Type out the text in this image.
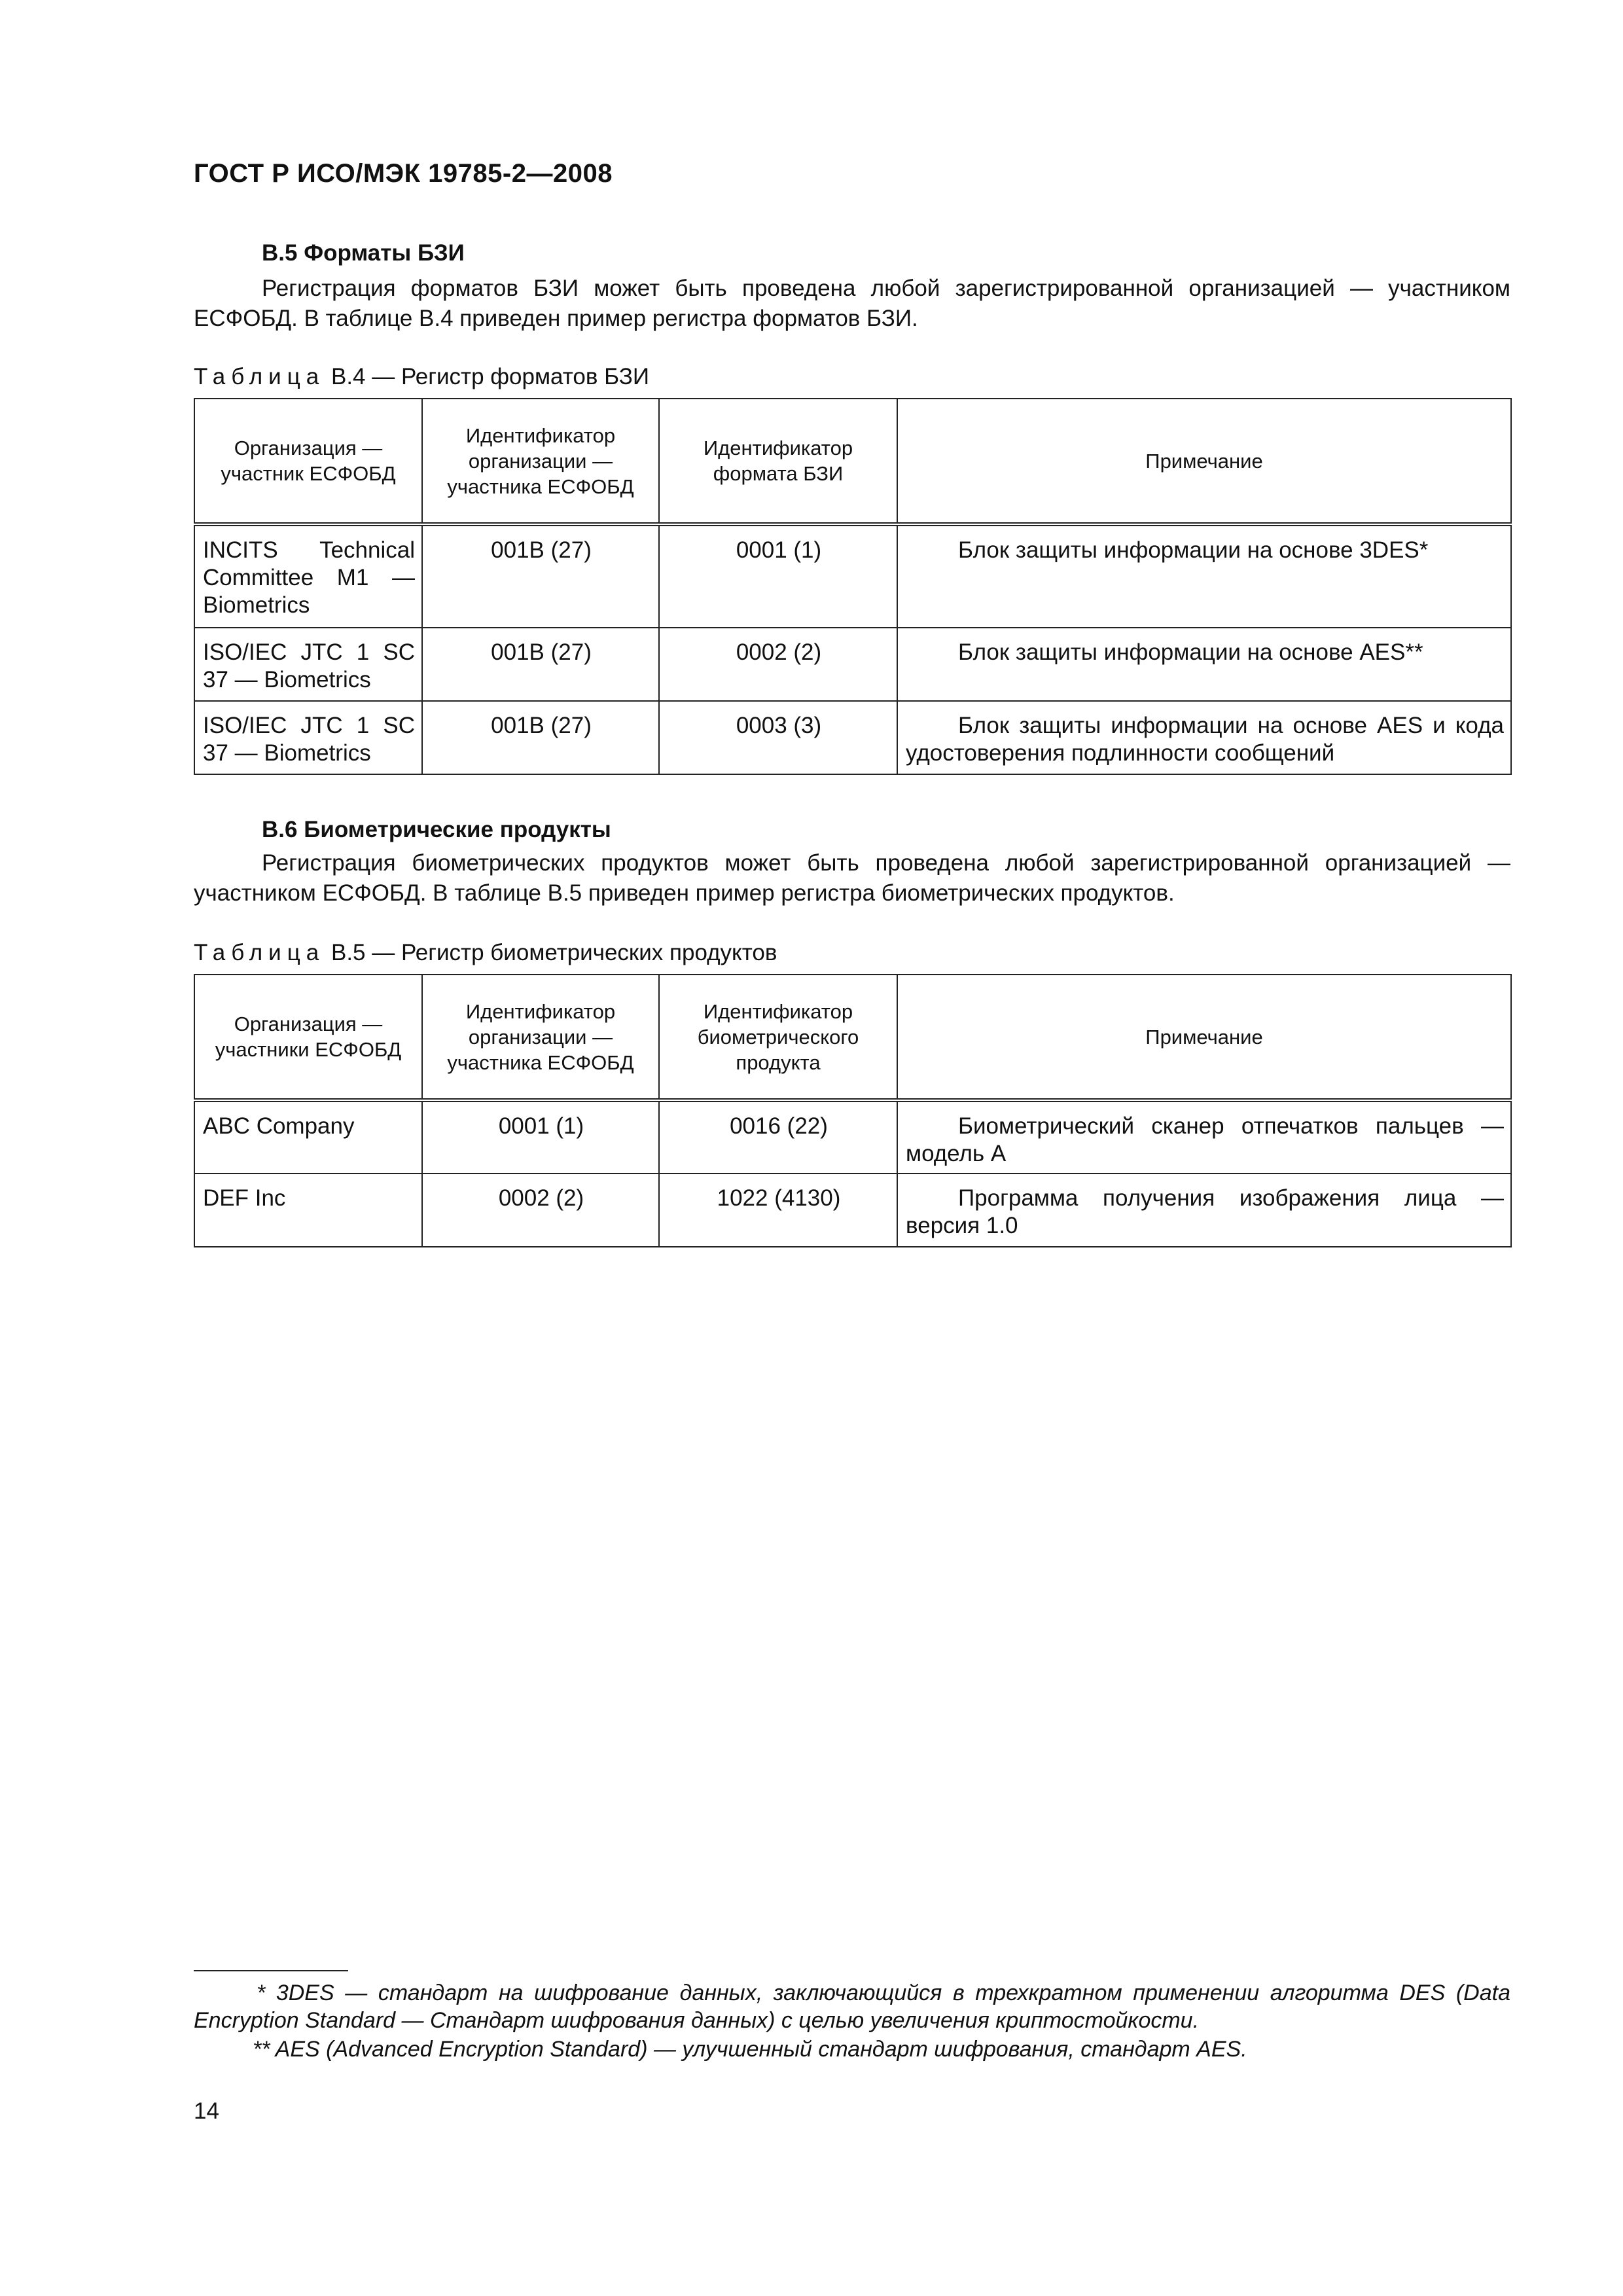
ГОСТ Р ИСО/МЭК 19785-2—2008
В.5 Форматы БЗИ

Регистрация форматов БЗИ может быть проведена любой зарегистрированной организацией — участником ЕСФОБД. В таблице В.4 приведен пример регистра форматов БЗИ.

Таблица В.4 — Регистр форматов БЗИ
Организация — участник ЕСФОБД	Идентификатор организации — участника ЕСФОБД	Идентификатор формата БЗИ	Примечание
INCITS Technical Committee M1 — Biometrics	001B (27)	0001 (1)	Блок защиты информации на основе 3DES*
ISO/IEC JTC 1 SC 37 — Biometrics	001B (27)	0002 (2)	Блок защиты информации на основе AES**
ISO/IEC JTC 1 SC 37 — Biometrics	001B (27)	0003 (3)	Блок защиты информации на основе AES и кода удостоверения подлинности сообщений
В.6 Биометрические продукты

Регистрация биометрических продуктов может быть проведена любой зарегистрированной организацией — участником ЕСФОБД. В таблице В.5 приведен пример регистра биометрических продуктов.

Таблица В.5 — Регистр биометрических продуктов
Организация — участники ЕСФОБД	Идентификатор организации — участника ЕСФОБД	Идентификатор биометрического продукта	Примечание
ABC Company	0001 (1)	0016 (22)	Биометрический сканер отпечатков пальцев — модель А
DEF Inc	0002 (2)	1022 (4130)	Программа получения изображения лица — версия 1.0

* 3DES — стандарт на шифрование данных, заключающийся в трехкратном применении алгоритма DES (Data Encryption Standard — Стандарт шифрования данных) с целью увеличения криптостойкости.

** AES (Advanced Encryption Standard) — улучшенный стандарт шифрования, стандарт AES.

14
